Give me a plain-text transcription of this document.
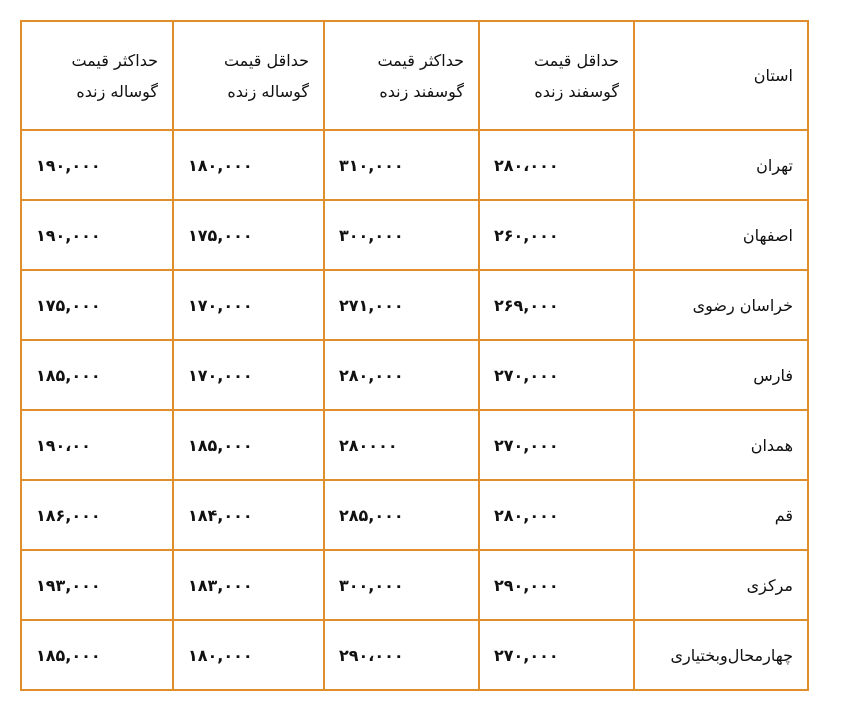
استان	حداقل قیمت گوسفند زنده	حداکثر قیمت گوسفند زنده	حداقل قیمت گوساله زنده	حداکثر قیمت گوساله زنده
تهران	۲۸۰،۰۰۰	۳۱۰,۰۰۰	۱۸۰,۰۰۰	۱۹۰,۰۰۰
اصفهان	۲۶۰,۰۰۰	۳۰۰,۰۰۰	۱۷۵,۰۰۰	۱۹۰,۰۰۰
خراسان رضوی	۲۶۹,۰۰۰	۲۷۱,۰۰۰	۱۷۰,۰۰۰	۱۷۵,۰۰۰
فارس	۲۷۰,۰۰۰	۲۸۰,۰۰۰	۱۷۰,۰۰۰	۱۸۵,۰۰۰
همدان	۲۷۰,۰۰۰	۲۸۰۰۰۰	۱۸۵,۰۰۰	۱۹۰،۰۰
قم	۲۸۰,۰۰۰	۲۸۵,۰۰۰	۱۸۴,۰۰۰	۱۸۶,۰۰۰
مرکزی	۲۹۰,۰۰۰	۳۰۰,۰۰۰	۱۸۳,۰۰۰	۱۹۳,۰۰۰
چهارمحال‌وبختیاری	۲۷۰,۰۰۰	۲۹۰،۰۰۰	۱۸۰,۰۰۰	۱۸۵,۰۰۰
